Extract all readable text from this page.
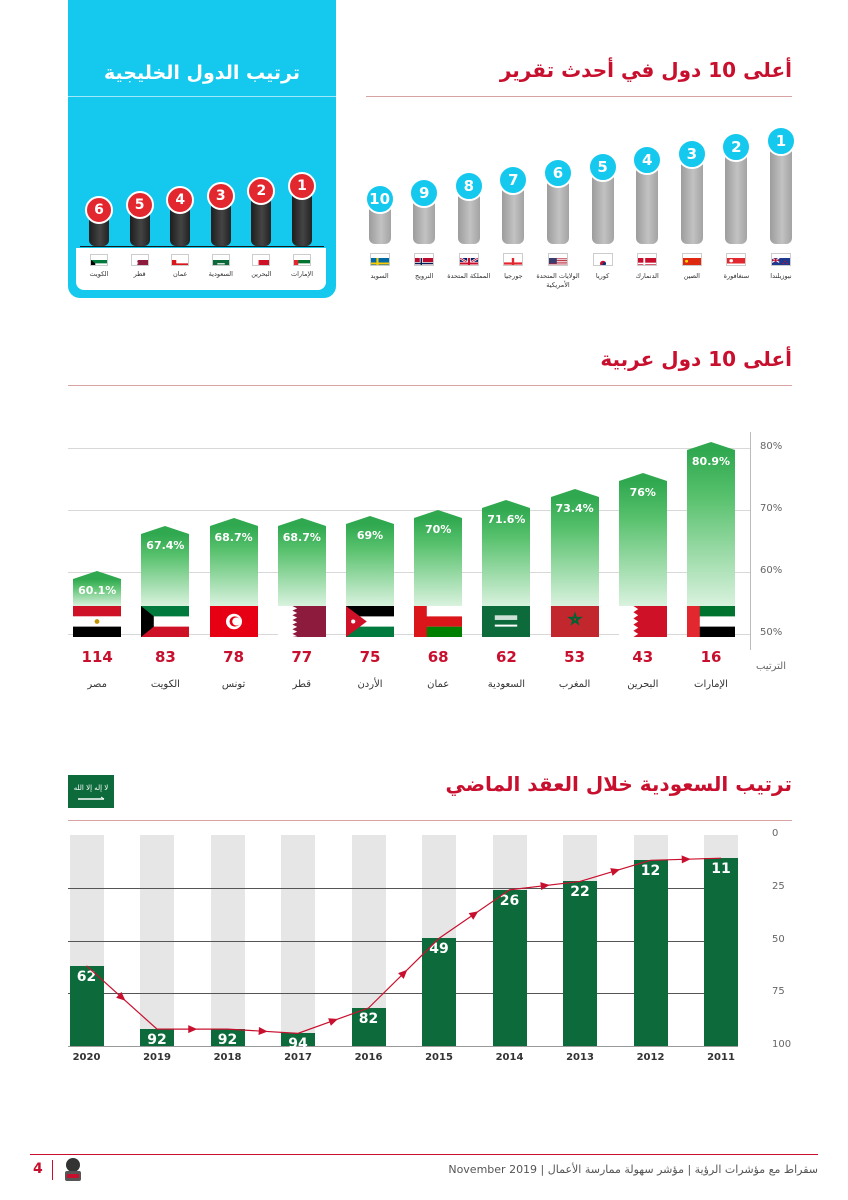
ترتيب الدول الخليجية
1
الإمارات
2
البحرين
3
السعودية
4
عمان
5
قطر
6
الكويت
أعلى 10 دول في أحدث تقرير
1
نيوزيلندا
2
سنغافورة
3
الصين
4
الدنمارك
5
كوريا
6
الولايات المتحدة الأمريكية
7
جورجيا
8
المملكة المتحدة
9
النرويج
10
السويد
أعلى 10 دول عربية
50%
60%
70%
80%
80.9%
16
الإمارات
76%
43
البحرين
73.4%
53
المغرب
71.6%
62
السعودية
70%
68
عمان
69%
75
الأردن
68.7%
77
قطر
68.7%
78
تونس
67.4%
83
الكويت
60.1%
114
مصر
الترتيب
ﻻ ﺇﻟﻪ ﺇﻻ ﺍﻟﻠﻪ	ترتيب السعودية خلال العقد الماضي
0
25
50
75
100
11
2011
12
2012
22
2013
26
2014
49
2015
82
2016
94
2017
92
2018
92
2019
62
2020
4	سقراط مع مؤشرات الرؤية | مؤشر سهولة ممارسة الأعمال | November 2019
